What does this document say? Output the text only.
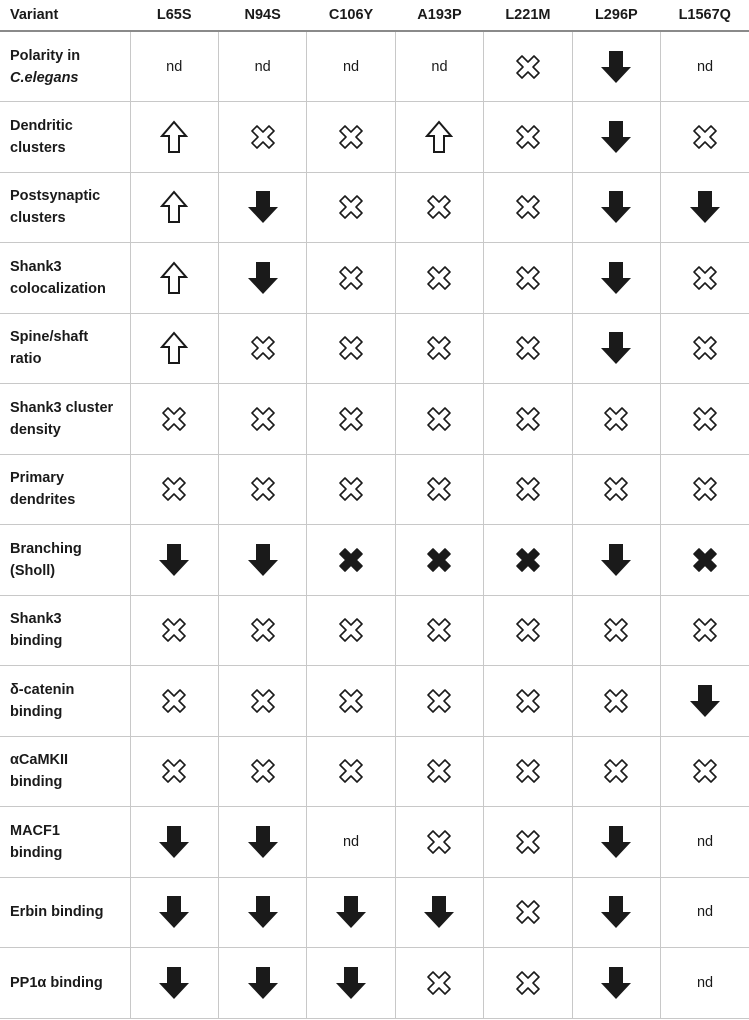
Variant	L65S	N94S	C106Y	A193P	L221M	L296P	L1567Q

Polarity in
C.elegans	nd	nd	nd	nd			nd

Dendritic
clusters

Postsynaptic
clusters

Shank3
colocalization

Spine/shaft
ratio

Shank3 cluster
density

Primary
dendrites

Branching
(Sholl)

Shank3
binding

δ-catenin
binding

αCaMKII
binding

MACF1
binding			nd				nd

Erbin binding							nd

PP1α binding							nd
